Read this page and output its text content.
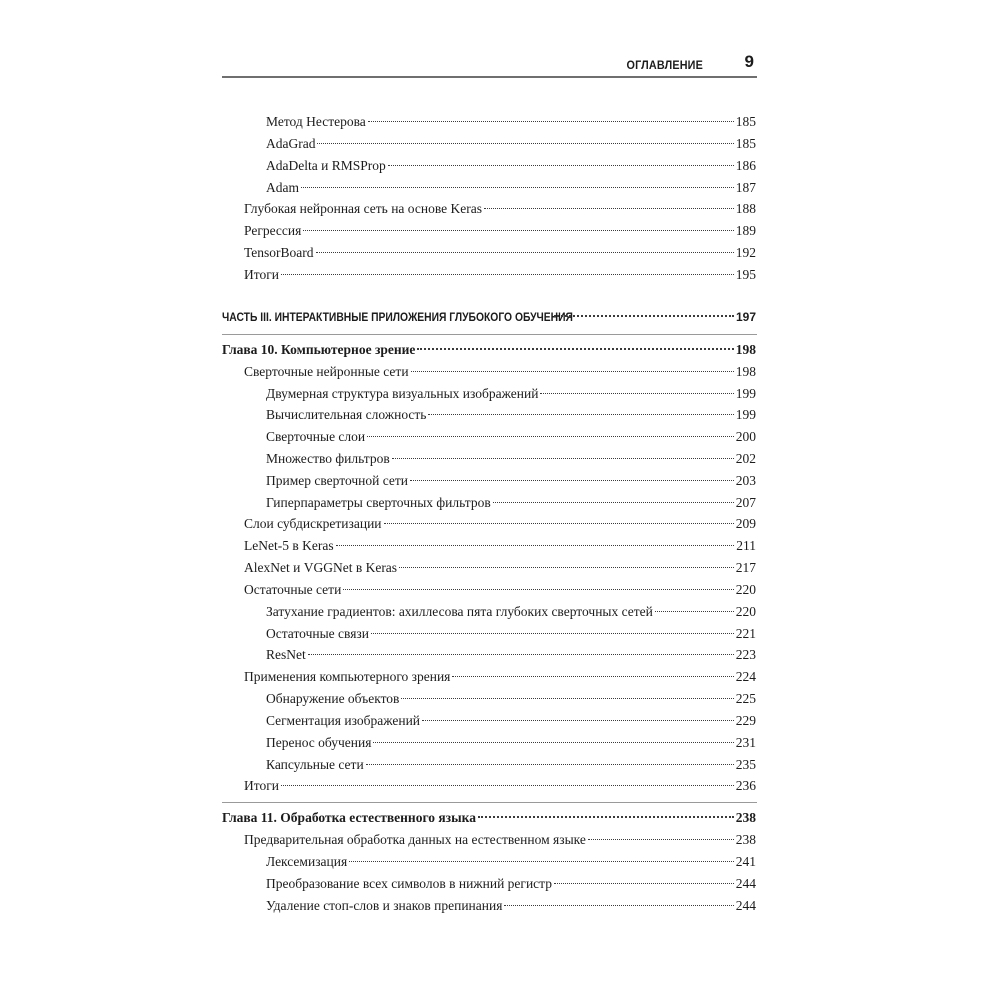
ОГЛАВЛЕНИЕ 9
Метод Нестерова	185
AdaGrad	185
AdaDelta и RMSProp	186
Adam	187
Глубокая нейронная сеть на основе Keras	188
Регрессия	189
TensorBoard	192
Итоги	195
ЧАСТЬ III. ИНТЕРАКТИВНЫЕ ПРИЛОЖЕНИЯ ГЛУБОКОГО ОБУЧЕНИЯ	197
Глава 10. Компьютерное зрение	198
Сверточные нейронные сети	198
Двумерная структура визуальных изображений	199
Вычислительная сложность	199
Сверточные слои	200
Множество фильтров	202
Пример сверточной сети	203
Гиперпараметры сверточных фильтров	207
Слои субдискретизации	209
LeNet-5 в Keras	211
AlexNet и VGGNet в Keras	217
Остаточные сети	220
Затухание градиентов: ахиллесова пята глубоких сверточных сетей	220
Остаточные связи	221
ResNet	223
Применения компьютерного зрения	224
Обнаружение объектов	225
Сегментация изображений	229
Перенос обучения	231
Капсульные сети	235
Итоги	236
Глава 11. Обработка естественного языка	238
Предварительная обработка данных на естественном языке	238
Лексемизация	241
Преобразование всех символов в нижний регистр	244
Удаление стоп-слов и знаков препинания	244
